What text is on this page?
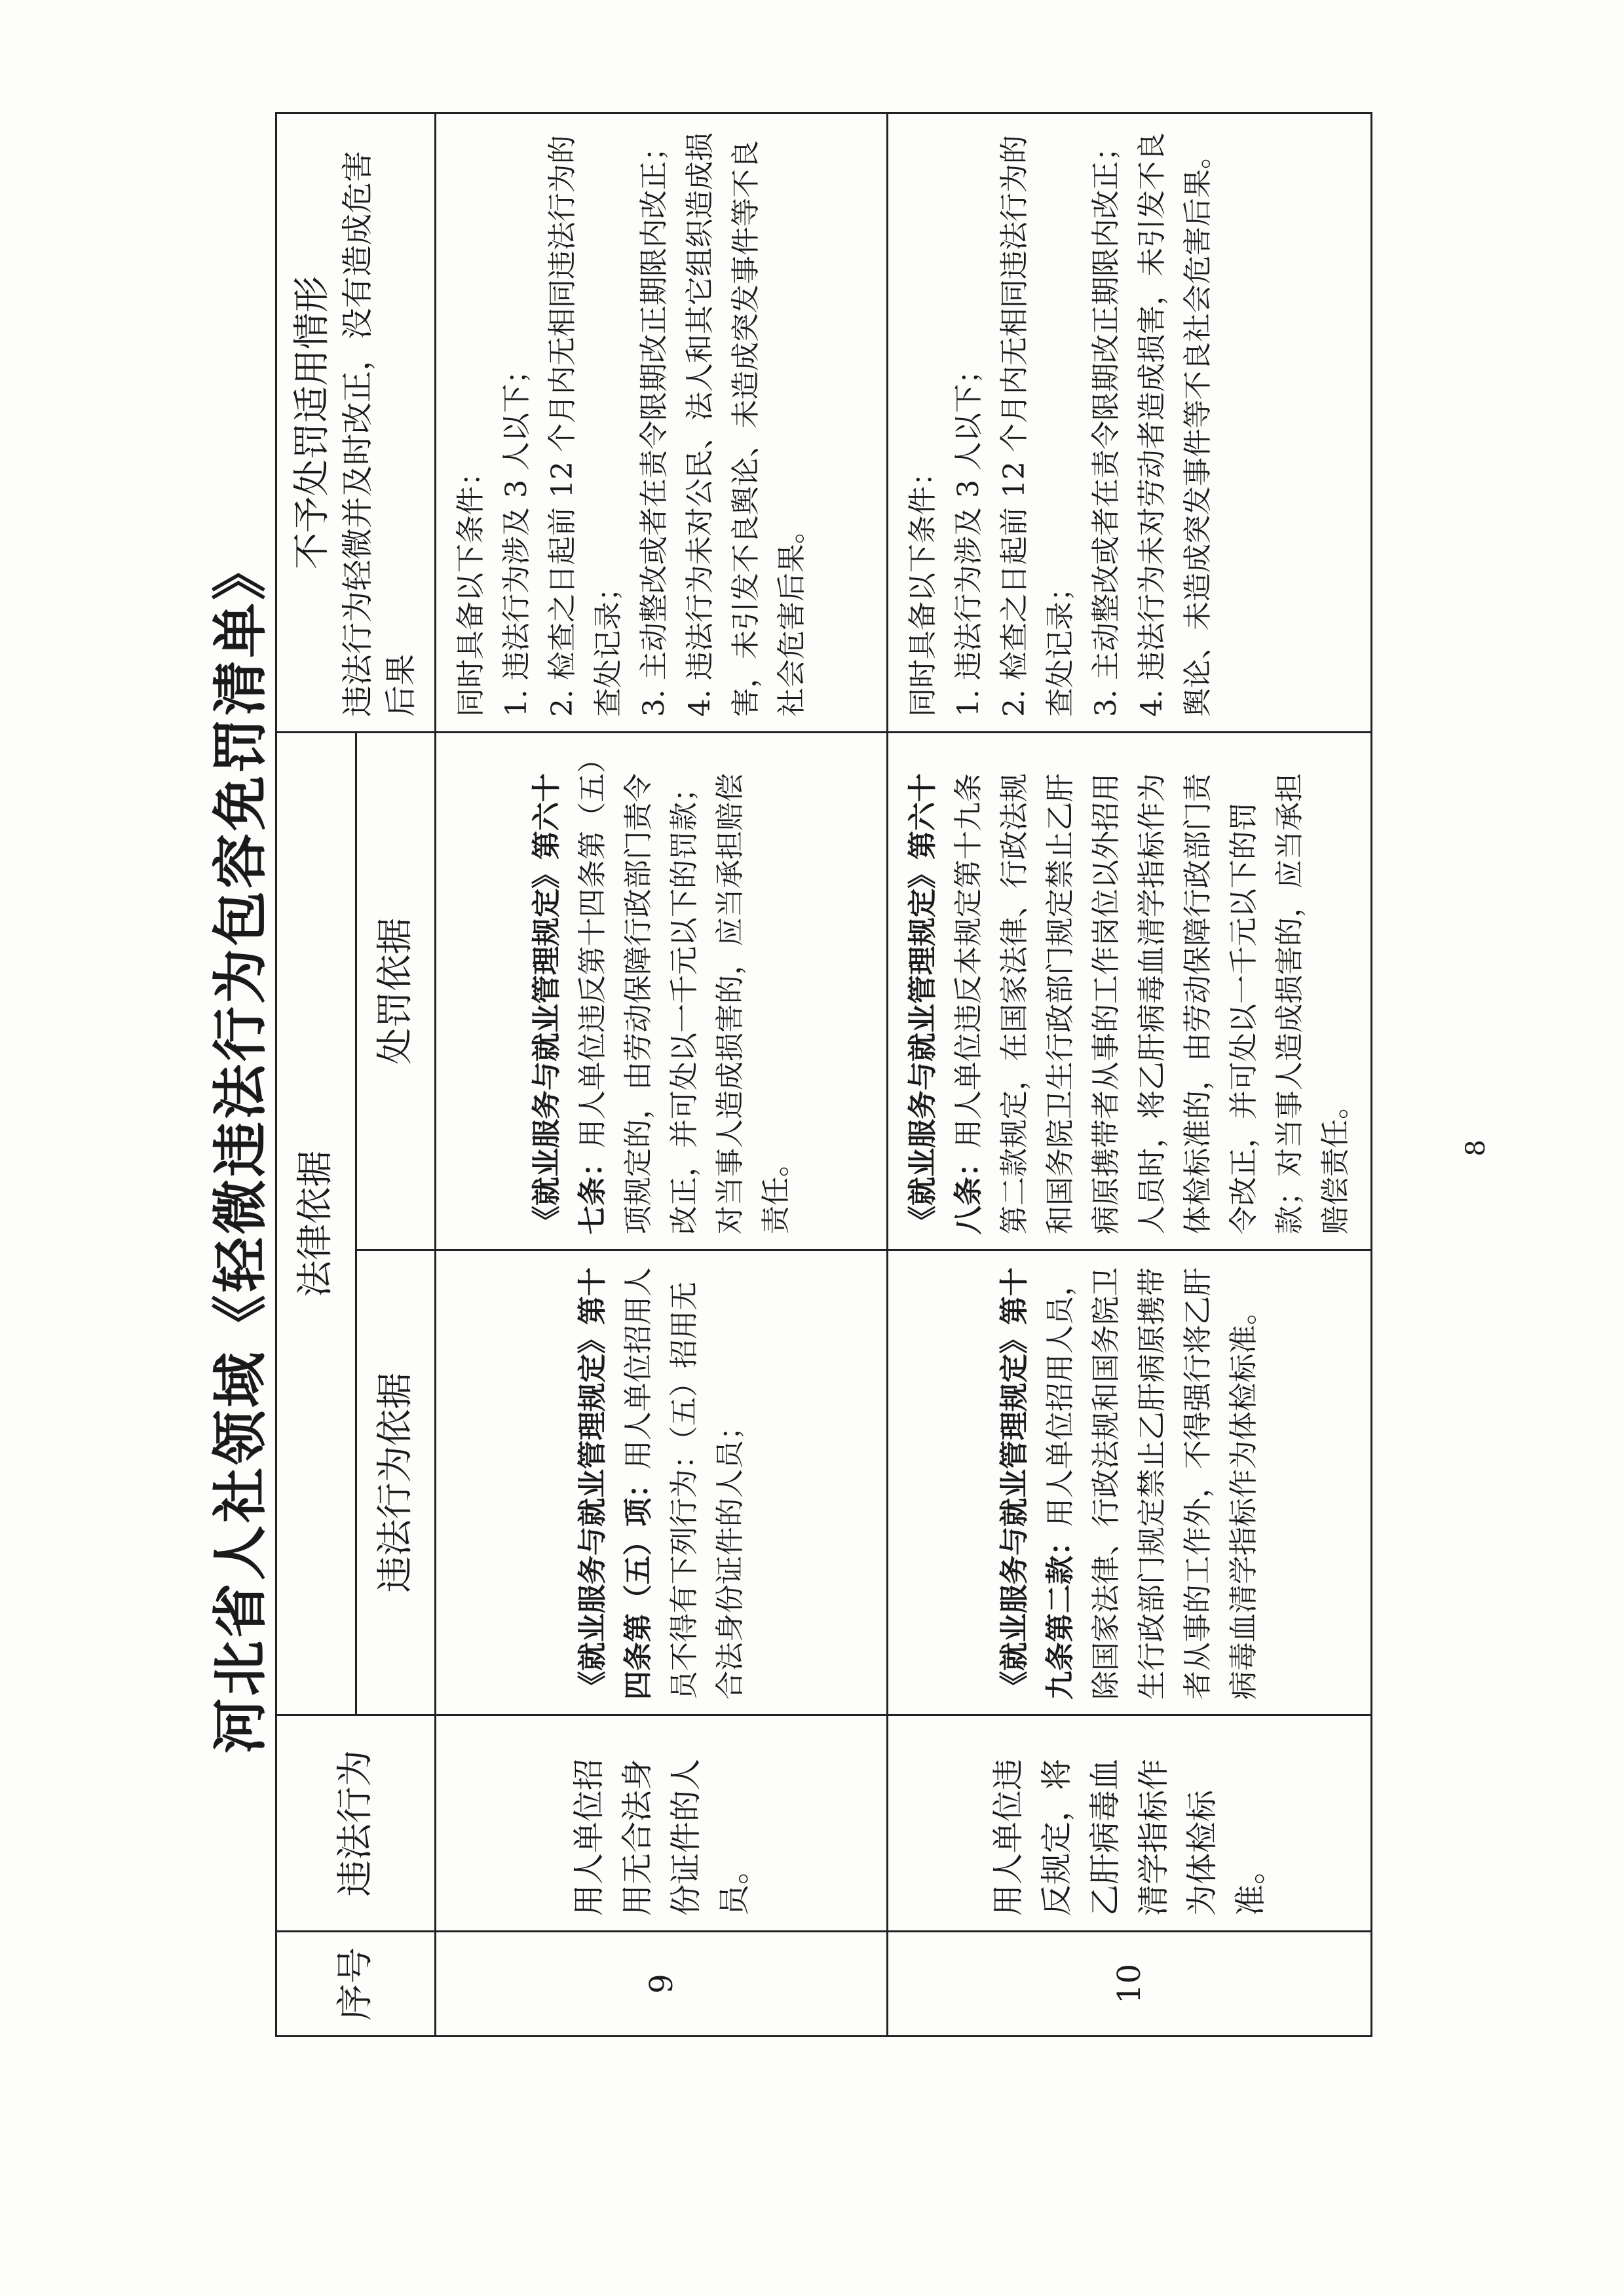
河北省人社领域《轻微违法行为包容免罚清单》
序号	违法行为	法律依据		不予处罚适用情形 违法行为轻微并及时改正，没有造成危害后果

		违法行为依据	处罚依据	
9	用人单位招用无合法身份证件的人员。	《就业服务与就业管理规定》第十四条第（五）项：用人单位招用人员不得有下列行为：（五）招用无合法身份证件的人员；	《就业服务与就业管理规定》第六十七条：用人单位违反第十四条第（五）项规定的，由劳动保障行政部门责令改正，并可处以一千元以下的罚款；对当事人造成损害的，应当承担赔偿责任。	同时具备以下条件： 1. 违法行为涉及 3 人以下； 2. 检查之日起前 12 个月内无相同违法行为的查处记录； 3. 主动整改或者在责令限期改正期限内改正； 4. 违法行为未对公民、法人和其它组织造成损害，未引发不良舆论、未造成突发事件等不良社会危害后果。

10	用人单位违反规定，将乙肝病毒血清学指标作为体检标准。	《就业服务与就业管理规定》第十九条第二款：用人单位招用人员，除国家法律、行政法规和国务院卫生行政部门规定禁止乙肝病原携带者从事的工作外，不得强行将乙肝病毒血清学指标作为体检标准。	《就业服务与就业管理规定》第六十八条：用人单位违反本规定第十九条第二款规定，在国家法律、行政法规和国务院卫生行政部门规定禁止乙肝病原携带者从事的工作岗位以外招用人员时，将乙肝病毒血清学指标作为体检标准的，由劳动保障行政部门责令改正，并可处以一千元以下的罚款；对当事人造成损害的，应当承担赔偿责任。	同时具备以下条件： 1. 违法行为涉及 3 人以下； 2. 检查之日起前 12 个月内无相同违法行为的查处记录； 3. 主动整改或者在责令限期改正期限内改正； 4. 违法行为未对劳动者造成损害，未引发不良舆论、未造成突发事件等不良社会危害后果。
8
